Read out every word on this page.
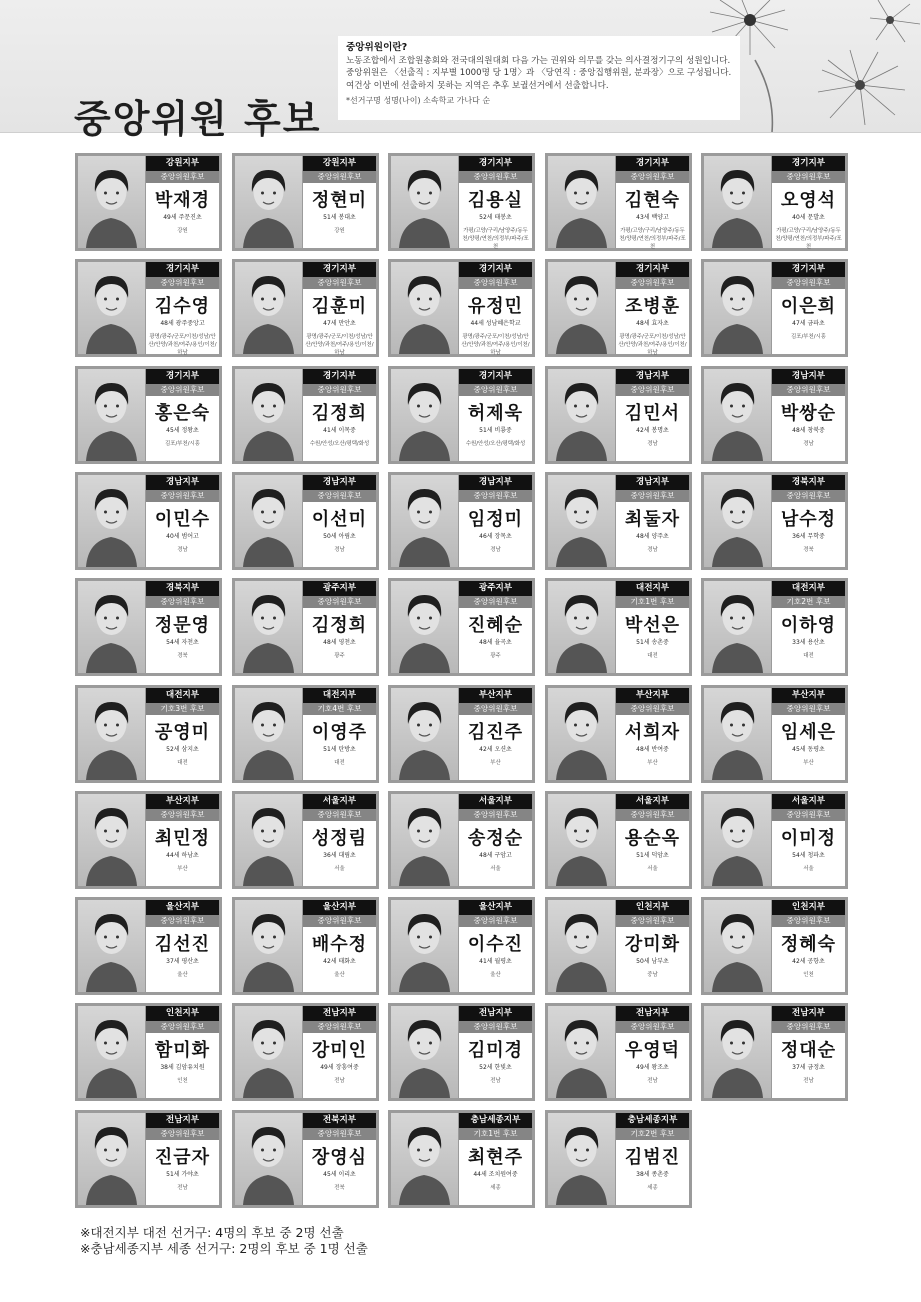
중앙위원이란?
노동조합에서 조합원총회와 전국대의원대회 다음 가는 권위와 의무를 갖는 의사결정기구의 성원입니다. 중앙위원은 〈선출직 : 지부별 1000명 당 1명〉과 〈당연직 : 중앙집행위원, 분과장〉으로 구성됩니다. 여건상 이번에 선출하지 못하는 지역은 추후 보궐선거에서 선출합니다.
*선거구명 성명(나이) 소속학교 가나다 순
중앙위원 후보
강원지부
중앙위원후보
박재경
49세 주문진초
강원
강원지부
중앙위원후보
정현미
51세 봉대초
강원
경기지부
중앙위원후보
김용실
52세 태봉초
가평/고양/구리/남양주/동두천/양평/연천/의정부/파주/포천
경기지부
중앙위원후보
김현숙
43세 백양고
가평/고양/구리/남양주/동두천/양평/연천/의정부/파주/포천
경기지부
중앙위원후보
오영석
40세 문발초
가평/고양/구리/남양주/동두천/양평/연천/의정부/파주/포천
경기지부
중앙위원후보
김수영
48세 광주중앙고
광명/광주/군포/이천/성남/안산/안양/과천/여주/용인/이천/하남
경기지부
중앙위원후보
김훈미
47세 만안초
광명/광주/군포/이천/성남/안산/안양/과천/여주/용인/이천/하남
경기지부
중앙위원후보
유정민
44세 성남혜은학교
광명/광주/군포/이천/성남/안산/안양/과천/여주/용인/이천/하남
경기지부
중앙위원후보
조병훈
48세 효자초
광명/광주/군포/이천/성남/안산/안양/과천/여주/용인/이천/하남
경기지부
중앙위원후보
이은희
47세 금파초
김포/부천/시흥
경기지부
중앙위원후보
홍은숙
45세 정왕초
김포/부천/시흥
경기지부
중앙위원후보
김정희
41세 이목중
수원/안성/오산/평택/화성
경기지부
중앙위원후보
허제욱
51세 비룡중
수원/안성/오산/평택/화성
경남지부
중앙위원후보
김민서
42세 봉명초
경남
경남지부
중앙위원후보
박쌍순
48세 창북중
경남
경남지부
중앙위원후보
이민수
40세 범어고
경남
경남지부
중앙위원후보
이선미
50세 아림초
경남
경남지부
중앙위원후보
임정미
46세 장목초
경남
경남지부
중앙위원후보
최둘자
48세 양주초
경남
경북지부
중앙위원후보
남수정
36세 무학중
경북
경북지부
중앙위원후보
정문영
54세 자천초
경북
광주지부
중앙위원후보
김정희
48세 영천초
광주
광주지부
중앙위원후보
진혜순
48세 율곡초
광주
대전지부
기호1번 후보
박선은
51세 송촌중
대전
대전지부
기호2번 후보
이하영
33세 용산초
대전
대전지부
기호3번 후보
공영미
52세 삼지초
대전
대전지부
기호4번 후보
이영주
51세 탄방초
대전
부산지부
중앙위원후보
김진주
42세 오션초
부산
부산지부
중앙위원후보
서희자
48세 반여중
부산
부산지부
중앙위원후보
임세은
45세 동평초
부산
부산지부
중앙위원후보
최민정
44세 하남초
부산
서울지부
중앙위원후보
성정림
36세 대림초
서울
서울지부
중앙위원후보
송정순
48세 구암고
서울
서울지부
중앙위원후보
용순옥
51세 덕암초
서울
서울지부
중앙위원후보
이미정
54세 청파초
서울
울산지부
중앙위원후보
김선진
37세 평산초
울산
울산지부
중앙위원후보
배수정
42세 태화초
울산
울산지부
중앙위원후보
이수진
41세 월평초
울산
인천지부
중앙위원후보
강미화
50세 남부초
중남
인천지부
중앙위원후보
정혜숙
42세 공항초
인천
인천지부
중앙위원후보
함미화
38세 김암유치원
인천
전남지부
중앙위원후보
강미인
49세 장흥여중
전남
전남지부
중앙위원후보
김미경
52세 한빛초
전남
전남지부
중앙위원후보
우영덕
49세 왕조초
전남
전남지부
중앙위원후보
정대순
37세 금정초
전남
전남지부
중앙위원후보
진금자
51세 가야초
전남
전북지부
중앙위원후보
장영심
45세 이리초
전북
충남세종지부
기호1번 후보
최현주
44세 조치원여중
세종
충남세종지부
기호2번 후보
김범진
38세 종촌중
세종
※대전지부 대전 선거구: 4명의 후보 중 2명 선출
※충남세종지부 세종 선거구: 2명의 후보 중 1명 선출
